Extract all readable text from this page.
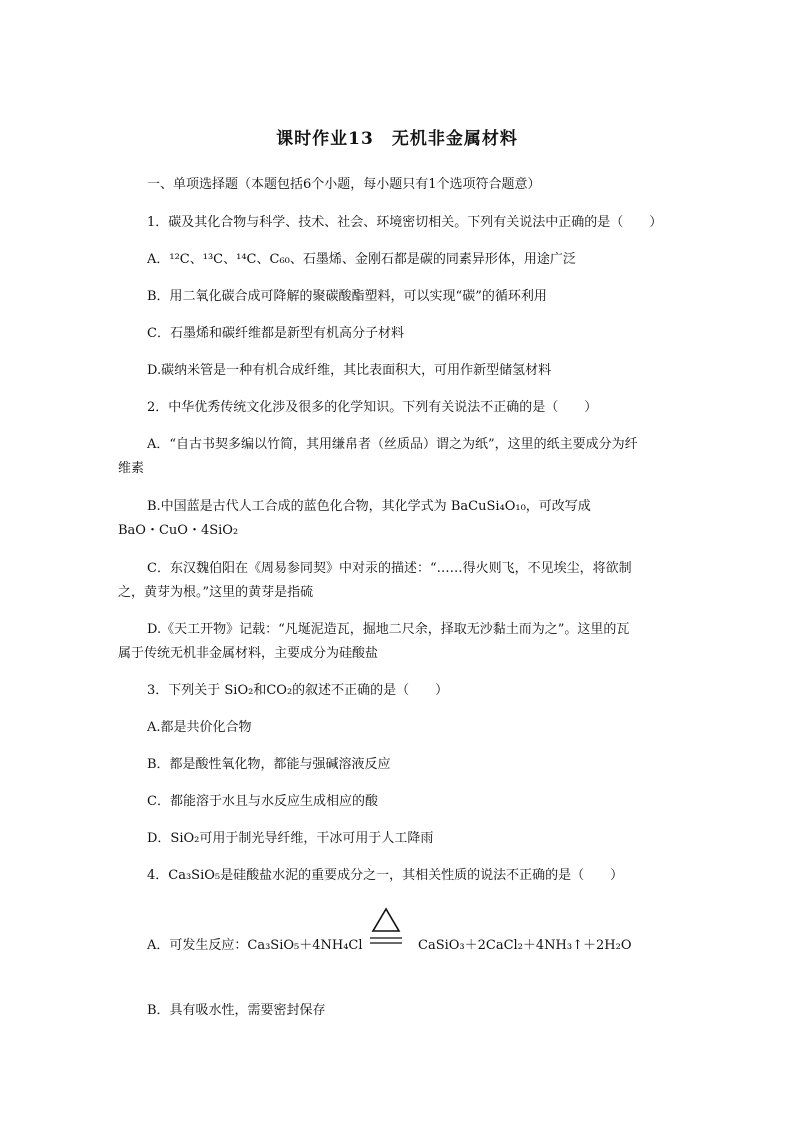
课时作业13　无机非金属材料
一、单项选择题（本题包括6个小题，每小题只有1个选项符合题意）
1．碳及其化合物与科学、技术、社会、环境密切相关。下列有关说法中正确的是（　　）
A．¹²C、¹³C、¹⁴C、C₆₀、石墨烯、金刚石都是碳的同素异形体，用途广泛
B．用二氧化碳合成可降解的聚碳酸酯塑料，可以实现“碳”的循环利用
C．石墨烯和碳纤维都是新型有机高分子材料
D.碳纳米管是一种有机合成纤维，其比表面积大，可用作新型储氢材料
2．中华优秀传统文化涉及很多的化学知识。下列有关说法不正确的是（　　）
A．“自古书契多编以竹简，其用缣帛者（丝质品）谓之为纸”，这里的纸主要成分为纤
维素
B.中国蓝是古代人工合成的蓝色化合物，其化学式为 BaCuSi₄O₁₀，可改写成
BaO・CuO・4SiO₂
C．东汉魏伯阳在《周易参同契》中对汞的描述：“……得火则飞，不见埃尘，将欲制
之，黄芽为根。”这里的黄芽是指硫
D.《天工开物》记载：“凡埏泥造瓦，掘地二尺余，择取无沙黏土而为之”。这里的瓦
属于传统无机非金属材料，主要成分为硅酸盐
3．下列关于 SiO₂和CO₂的叙述不正确的是（　　）
A.都是共价化合物
B．都是酸性氧化物，都能与强碱溶液反应
C．都能溶于水且与水反应生成相应的酸
D．SiO₂可用于制光导纤维，干冰可用于人工降雨
4．Ca₃SiO₅是硅酸盐水泥的重要成分之一，其相关性质的说法不正确的是（　　）
A．可发生反应：Ca₃SiO₅＋4NH₄Cl	CaSiO₃＋2CaCl₂＋4NH₃↑＋2H₂O
B．具有吸水性，需要密封保存
